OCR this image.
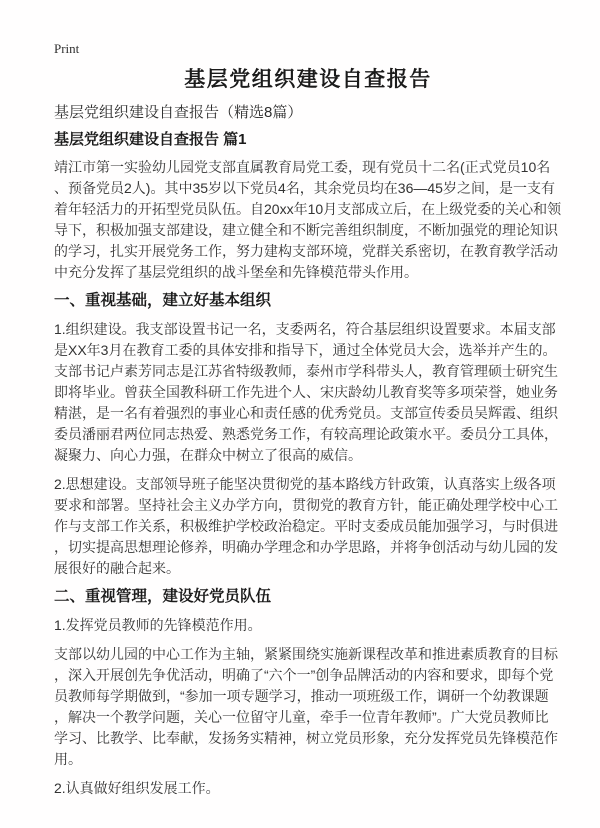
Print
基层党组织建设自查报告

基层党组织建设自查报告（精选8篇）

基层党组织建设自查报告 篇1

靖江市第一实验幼儿园党支部直属教育局党工委，现有党员十二名(正式党员10名、预备党员2人)。其中35岁以下党员4名，其余党员均在36—45岁之间，是一支有着年轻活力的开拓型党员队伍。自20xx年10月支部成立后，在上级党委的关心和领导下，积极加强支部建设，建立健全和不断完善组织制度，不断加强党的理论知识的学习，扎实开展党务工作，努力建构支部环境，党群关系密切，在教育教学活动中充分发挥了基层党组织的战斗堡垒和先锋模范带头作用。

一、重视基础，建立好基本组织

1.组织建设。我支部设置书记一名，支委两名，符合基层组织设置要求。本届支部是XX年3月在教育工委的具体安排和指导下，通过全体党员大会，选举并产生的。支部书记卢素芳同志是江苏省特级教师，泰州市学科带头人，教育管理硕士研究生即将毕业。曾获全国教科研工作先进个人、宋庆龄幼儿教育奖等多项荣誉，她业务精湛，是一名有着强烈的事业心和责任感的优秀党员。支部宣传委员吴辉霞、组织委员潘丽君两位同志热爱、熟悉党务工作，有较高理论政策水平。委员分工具体，凝聚力、向心力强，在群众中树立了很高的威信。

2.思想建设。支部领导班子能坚决贯彻党的基本路线方针政策，认真落实上级各项要求和部署。坚持社会主义办学方向，贯彻党的教育方针，能正确处理学校中心工作与支部工作关系，积极维护学校政治稳定。平时支委成员能加强学习，与时俱进，切实提高思想理论修养，明确办学理念和办学思路，并将争创活动与幼儿园的发展很好的融合起来。

二、重视管理，建设好党员队伍

1.发挥党员教师的先锋模范作用。

支部以幼儿园的中心工作为主轴，紧紧围绕实施新课程改革和推进素质教育的目标，深入开展创先争优活动，明确了“六个一”创争品牌活动的内容和要求，即每个党员教师每学期做到，“参加一项专题学习，推动一项班级工作，调研一个幼教课题，解决一个教学问题，关心一位留守儿童，牵手一位青年教师”。广大党员教师比学习、比教学、比奉献，发扬务实精神，树立党员形象，充分发挥党员先锋模范作用。

2.认真做好组织发展工作。
